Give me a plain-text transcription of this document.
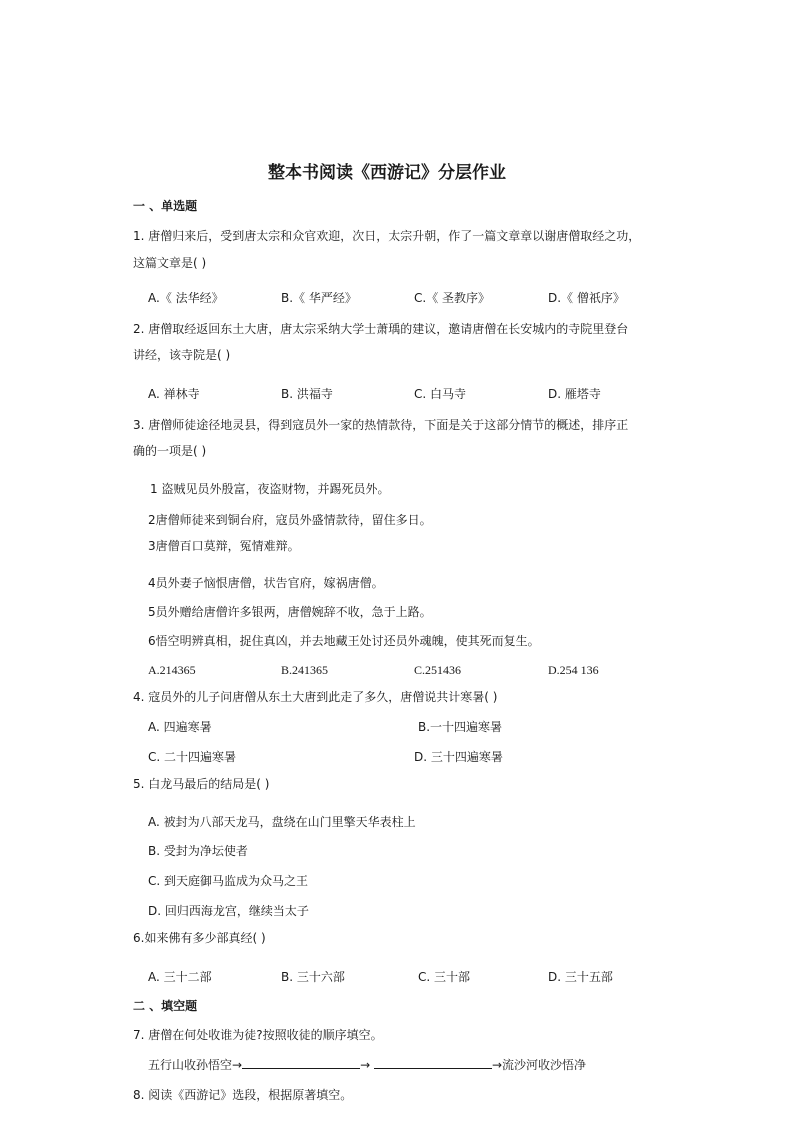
整本书阅读《西游记》分层作业
一 、单选题
1. 唐僧归来后，受到唐太宗和众官欢迎，次日，太宗升朝，作了一篇文章章以谢唐僧取经之功，
这篇文章是( )
A.《 法华经》	B.《 华严经》	C.《 圣教序》	D.《 僧祇序》
2. 唐僧取经返回东土大唐，唐太宗采纳大学士萧瑀的建议，邀请唐僧在长安城内的寺院里登台
讲经，该寺院是( )
A. 禅林寺	B. 洪福寺	C. 白马寺	D. 雁塔寺
3. 唐僧师徒途径地灵县，得到寇员外一家的热情款待，下面是关于这部分情节的概述，排序正
确的一项是( )
1 盗贼见员外殷富，夜盗财物，并踢死员外。
2唐僧师徒来到铜台府，寇员外盛情款待，留住多日。
3唐僧百口莫辩，冤情难辩。
4员外妻子恼恨唐僧，状告官府，嫁祸唐僧。
5员外赠给唐僧许多银两，唐僧婉辞不收，急于上路。
6悟空明辨真相，捉住真凶，并去地藏王处讨还员外魂魄，使其死而复生。
A.214365	B.241365	C.251436	D.254 136
4. 寇员外的儿子问唐僧从东土大唐到此走了多久，唐僧说共计寒暑( )
A. 四遍寒暑	B.一十四遍寒暑
C. 二十四遍寒暑	D. 三十四遍寒暑
5. 白龙马最后的结局是( )
A. 被封为八部天龙马，盘绕在山门里擎天华表柱上
B. 受封为净坛使者
C. 到天庭御马监成为众马之王
D. 回归西海龙宫，继续当太子
6.如来佛有多少部真经( )
A. 三十二部	B. 三十六部	C. 三十部	D. 三十五部
二 、填空题
7. 唐僧在何处收谁为徒?按照收徒的顺序填空。
五行山收孙悟空→	→	→流沙河收沙悟净
8. 阅读《西游记》选段，根据原著填空。
